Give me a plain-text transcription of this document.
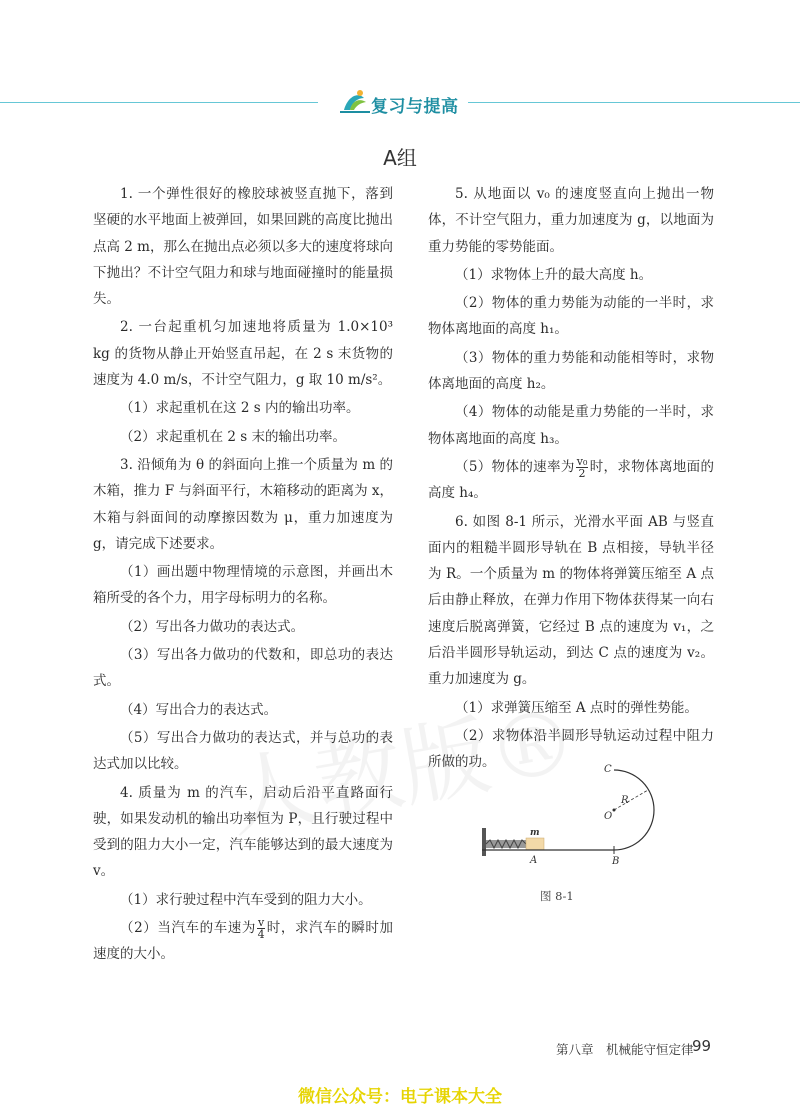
复习与提高
A组

1. 一个弹性很好的橡胶球被竖直抛下，落到坚硬的水平地面上被弹回，如果回跳的高度比抛出点高 2 m，那么在抛出点必须以多大的速度将球向下抛出？不计空气阻力和球与地面碰撞时的能量损失。

2. 一台起重机匀加速地将质量为 1.0×10³ kg 的货物从静止开始竖直吊起，在 2 s 末货物的速度为 4.0 m/s，不计空气阻力，g 取 10 m/s²。

（1）求起重机在这 2 s 内的输出功率。

（2）求起重机在 2 s 末的输出功率。

3. 沿倾角为 θ 的斜面向上推一个质量为 m 的木箱，推力 F 与斜面平行，木箱移动的距离为 x，木箱与斜面间的动摩擦因数为 μ，重力加速度为 g，请完成下述要求。

（1）画出题中物理情境的示意图，并画出木箱所受的各个力，用字母标明力的名称。

（2）写出各力做功的表达式。

（3）写出各力做功的代数和，即总功的表达式。

（4）写出合力的表达式。

（5）写出合力做功的表达式，并与总功的表达式加以比较。

4. 质量为 m 的汽车，启动后沿平直路面行驶，如果发动机的输出功率恒为 P，且行驶过程中受到的阻力大小一定，汽车能够达到的最大速度为 v。

（1）求行驶过程中汽车受到的阻力大小。

（2）当汽车的车速为 $\frac{v}{4}$ 时，求汽车的瞬时加速度的大小。

5. 从地面以 v₀ 的速度竖直向上抛出一物体，不计空气阻力，重力加速度为 g，以地面为重力势能的零势能面。

（1）求物体上升的最大高度 h。

（2）物体的重力势能为动能的一半时，求物体离地面的高度 h₁。

（3）物体的重力势能和动能相等时，求物体离地面的高度 h₂。

（4）物体的动能是重力势能的一半时，求物体离地面的高度 h₃。

（5）物体的速率为 $\frac{\text{v₀}}{2}$ 时，求物体离地面的高度 h₄。

6. 如图 8-1 所示，光滑水平面 AB 与竖直面内的粗糙半圆形导轨在 B 点相接，导轨半径为 R。一个质量为 m 的物体将弹簧压缩至 A 点后由静止释放，在弹力作用下物体获得某一向右速度后脱离弹簧，它经过 B 点的速度为 v₁，之后沿半圆形导轨运动，到达 C 点的速度为 v₂。重力加速度为 g。

（1）求弹簧压缩至 A 点时的弹性势能。

（2）求物体沿半圆形导轨运动过程中阻力所做的功。	C
R
O
m
A	B
图 8-1
第八章　机械能守恒定律
99
微信公众号：电子课本大全
